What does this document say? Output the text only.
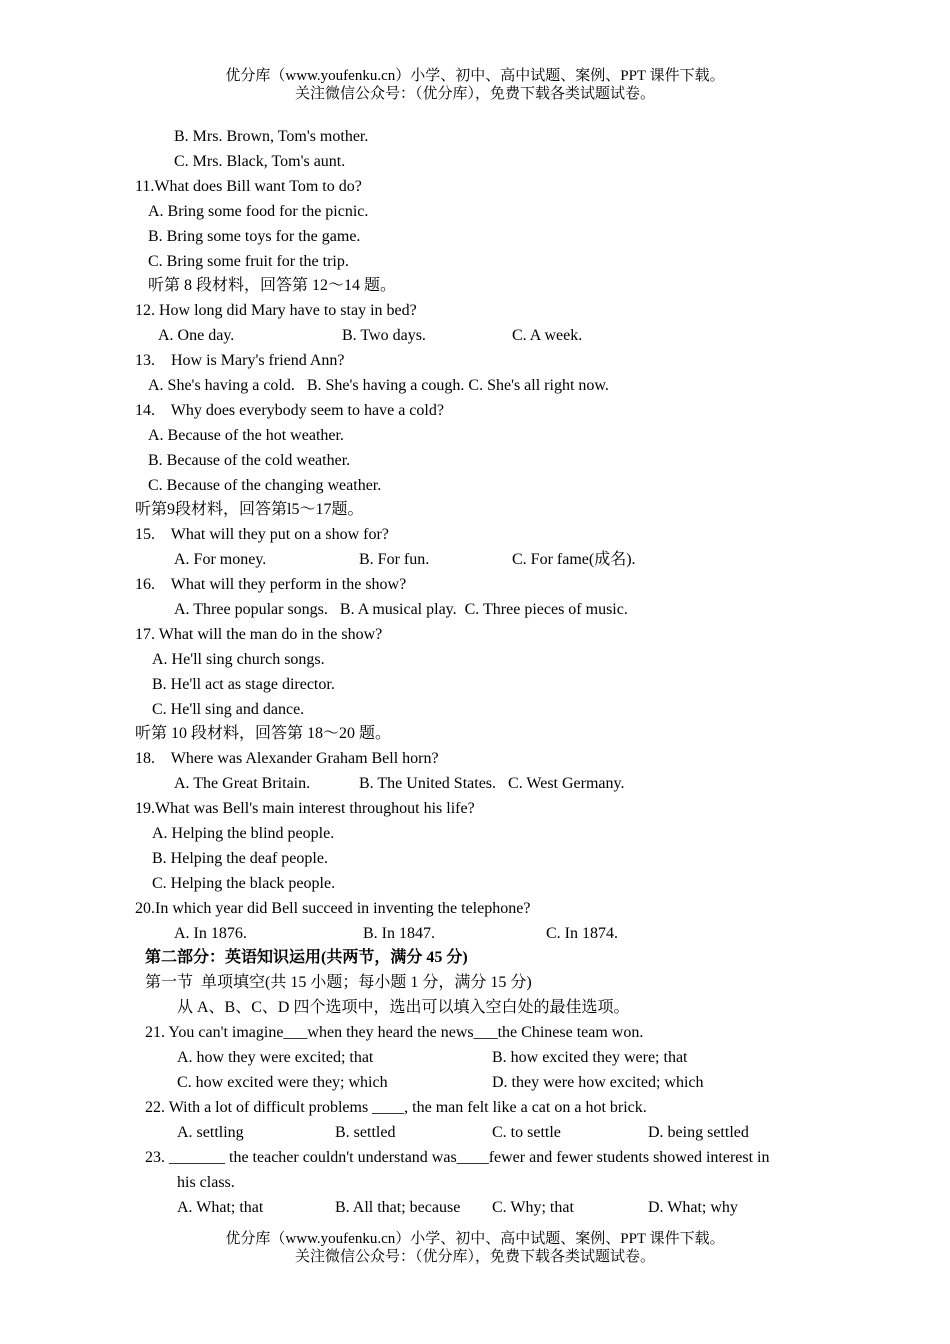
优分库（www.youfenku.cn）小学、初中、高中试题、案例、PPT 课件下载。
关注微信公众号：（优分库），免费下载各类试题试卷。
B. Mrs. Brown, Tom's mother.
C. Mrs. Black, Tom's aunt.
11.What does Bill want Tom to do?
A. Bring some food for the picnic.
B. Bring some toys for the game.
C. Bring some fruit for the trip.
听第 8 段材料，回答第 12～14 题。
12. How long did Mary have to stay in bed?
A. One day.	B. Two days.	C. A week.
13.    How is Mary's friend Ann?
A. She's having a cold.   B. She's having a cough. C. She's all right now.
14.    Why does everybody seem to have a cold?
A. Because of the hot weather.
B. Because of the cold weather.
C. Because of the changing weather.
听第9段材料，回答第l5～17题。
15.    What will they put on a show for?
A. For money.	B. For fun.	C. For fame(成名).
16.    What will they perform in the show?
A. Three popular songs.   B. A musical play.  C. Three pieces of music.
17. What will the man do in the show?
A. He'll sing church songs.
B. He'll act as stage director.
C. He'll sing and dance.
听第 10 段材料，回答第 18～20 题。
18.    Where was Alexander Graham Bell horn?
A. The Great Britain.	B. The United States.   C. West Germany.
19.What was Bell's main interest throughout his life?
A. Helping the blind people.
B. Helping the deaf people.
C. Helping the black people.
20.In which year did Bell succeed in inventing the telephone?
A. In 1876.	B. In 1847.	C. In 1874.
第二部分：英语知识运用(共两节，满分 45 分)
第一节  单项填空(共 15 小题；每小题 1 分，满分 15 分)
从 A、B、C、D 四个选项中，选出可以填入空白处的最佳选项。
21. You can't imagine___when they heard the news___the Chinese team won.
A. how they were excited; that	B. how excited they were; that
C. how excited were they; which	D. they were how excited; which
22. With a lot of difficult problems ____, the man felt like a cat on a hot brick.
A. settling	B. settled	C. to settle	D. being settled
23. _______ the teacher couldn't understand was____fewer and fewer students showed interest in
his class.
A. What; that	B. All that; because C. Why; that	D. What; why
优分库（www.youfenku.cn）小学、初中、高中试题、案例、PPT 课件下载。
关注微信公众号：（优分库），免费下载各类试题试卷。
